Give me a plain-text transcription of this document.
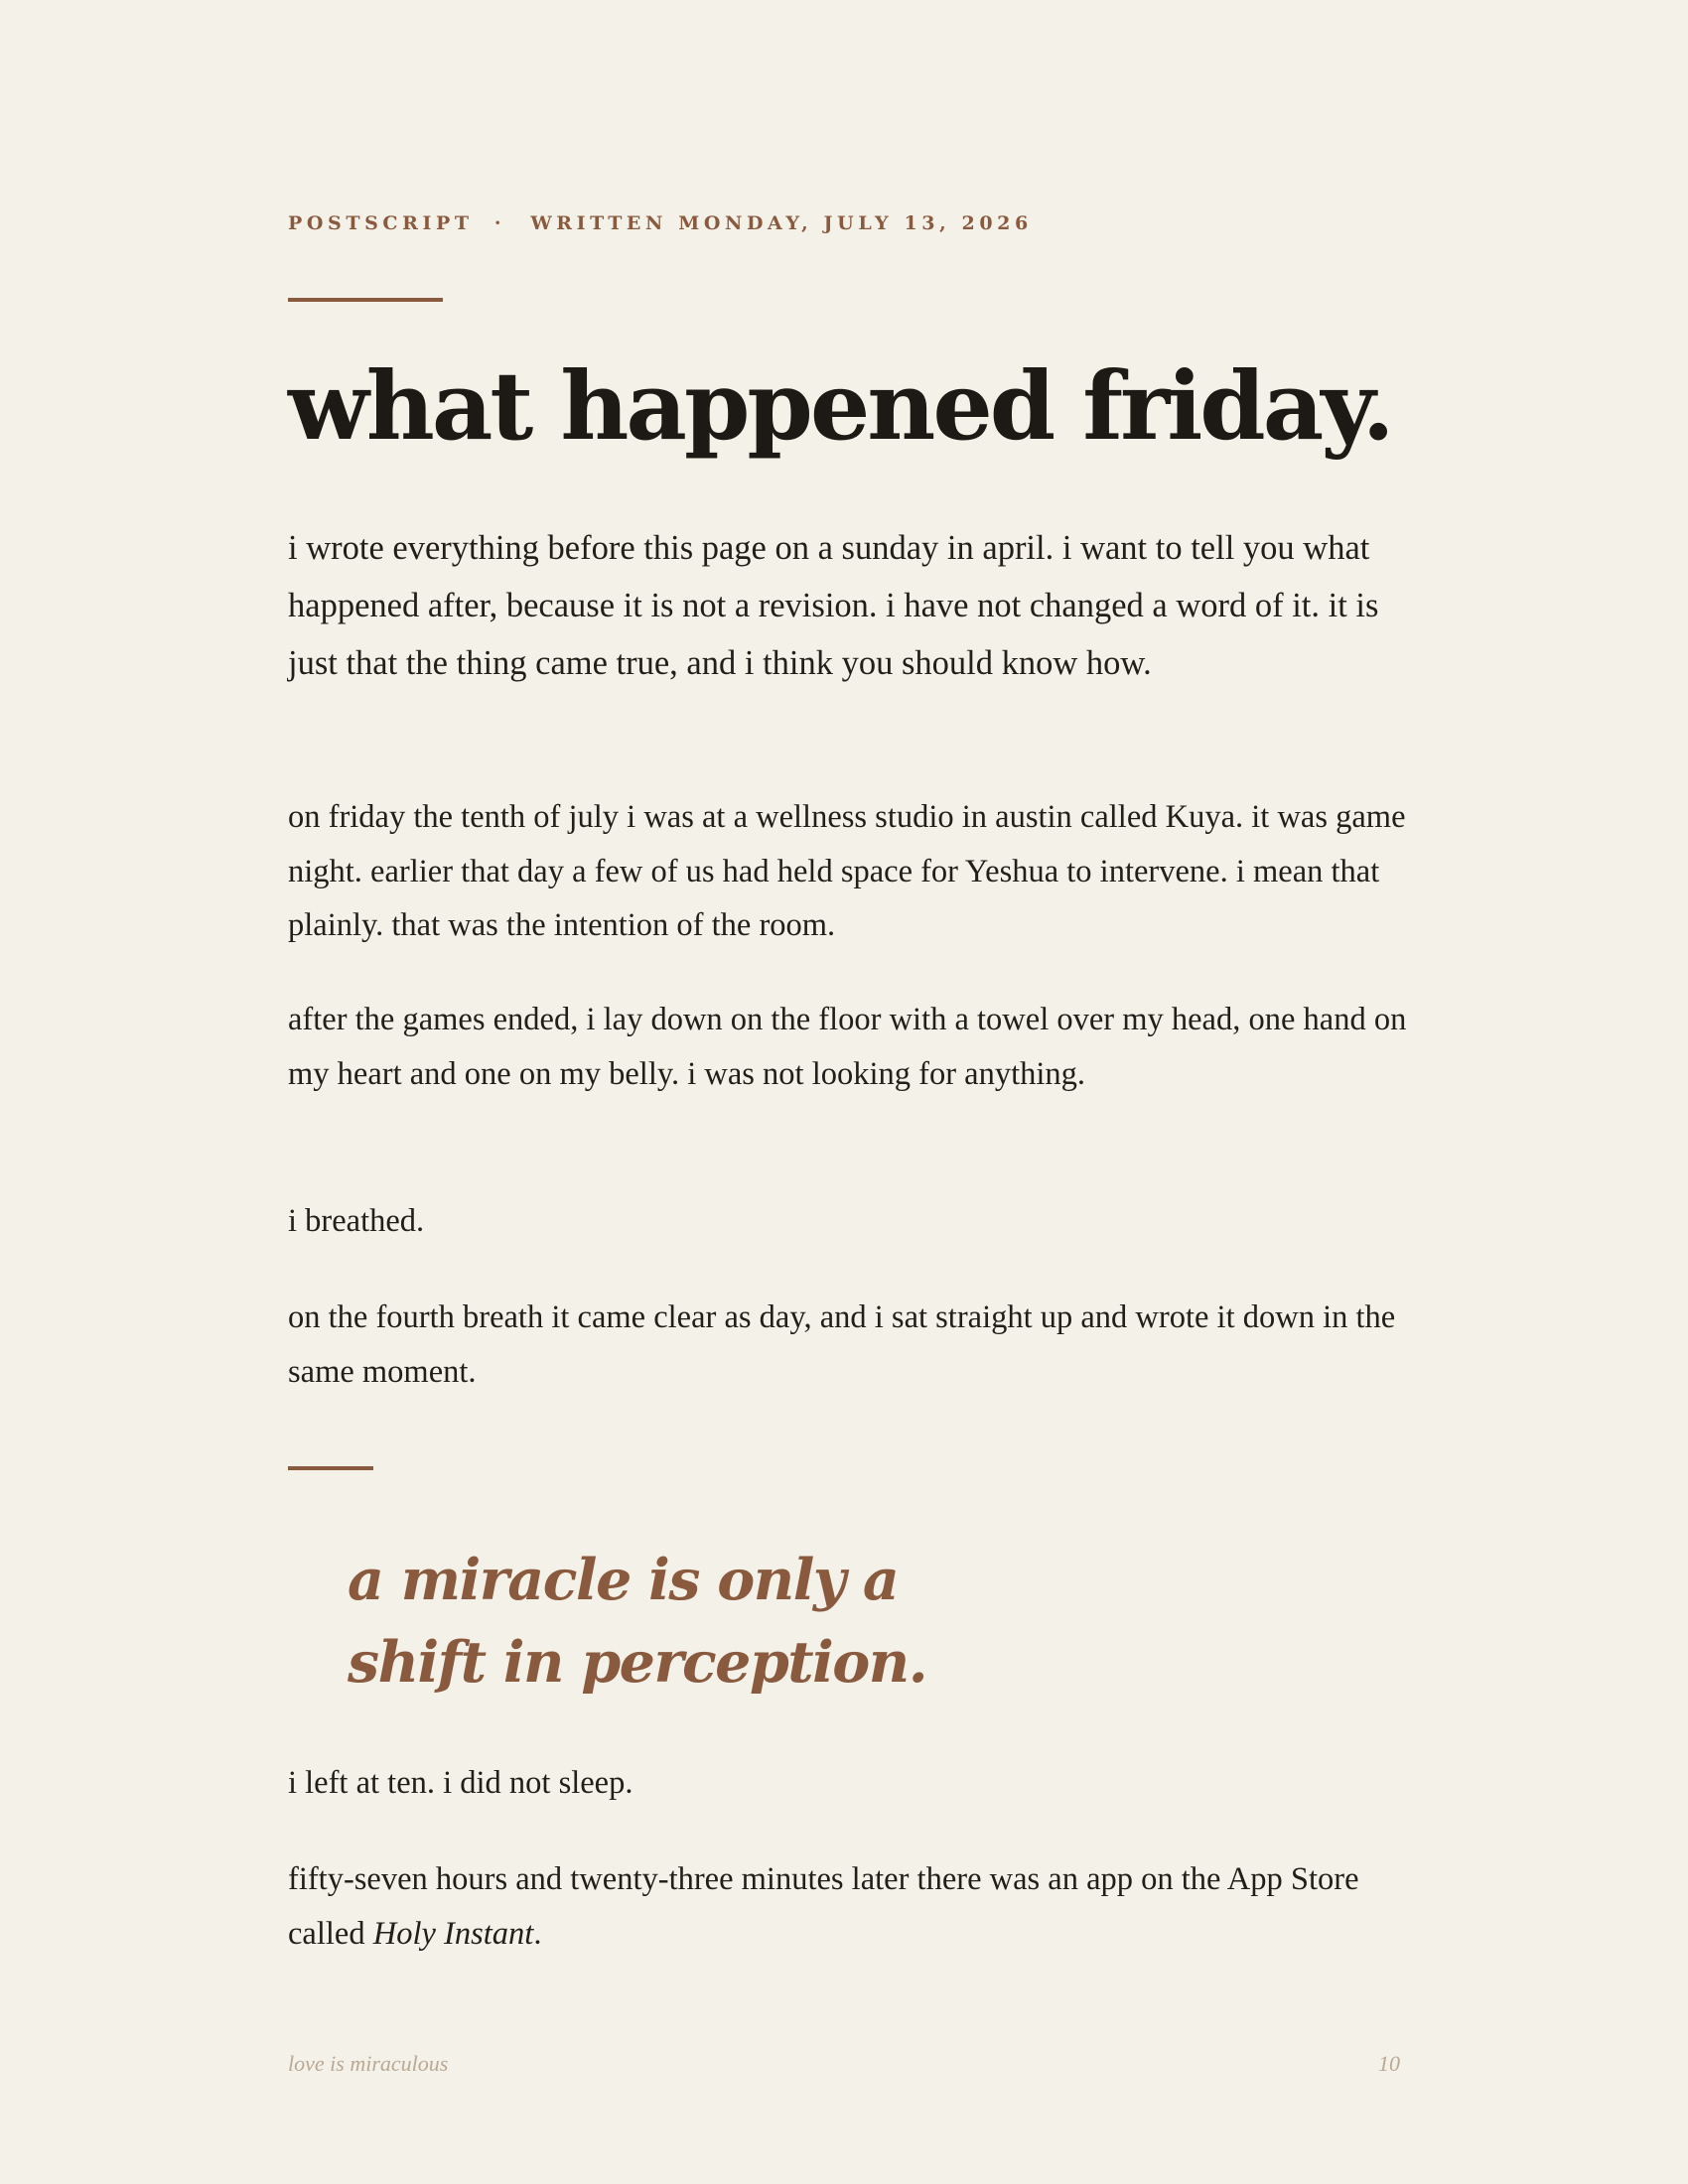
POSTSCRIPT · WRITTEN MONDAY, JULY 13, 2026
what happened friday.

i wrote everything before this page on a sunday in april. i want to tell you what happened after, because it is not a revision. i have not changed a word of it. it is just that the thing came true, and i think you should know how.

on friday the tenth of july i was at a wellness studio in austin called Kuya. it was game night. earlier that day a few of us had held space for Yeshua to intervene. i mean that plainly. that was the intention of the room.

after the games ended, i lay down on the floor with a towel over my head, one hand on my heart and one on my belly. i was not looking for anything.

i breathed.

on the fourth breath it came clear as day, and i sat straight up and wrote it down in the same moment.

a miracle is only a
shift in perception.

i left at ten. i did not sleep.

fifty-seven hours and twenty-three minutes later there was an app on the App Store called Holy Instant.

love is miraculous	10
